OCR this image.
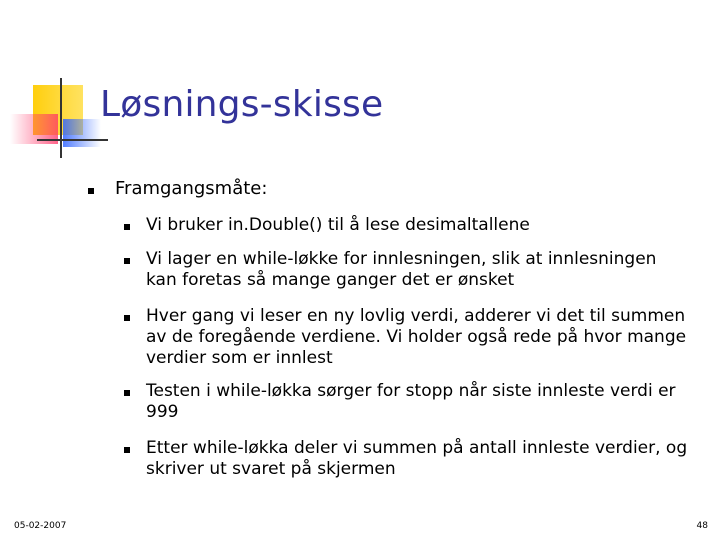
Løsnings-skisse
Framgangsmåte:
Vi bruker in.Double() til å lese desimaltallene
Vi lager en while-løkke for innlesningen, slik at innlesningen kan foretas så mange ganger det er ønsket
Hver gang vi leser en ny lovlig verdi, adderer vi det til summen av de foregående verdiene. Vi holder også rede på hvor mange verdier som er innlest
Testen i while-løkka sørger for stopp når siste innleste verdi er 999
Etter while-løkka deler vi summen på antall innleste verdier, og skriver ut svaret på skjermen
05-02-2007	48
